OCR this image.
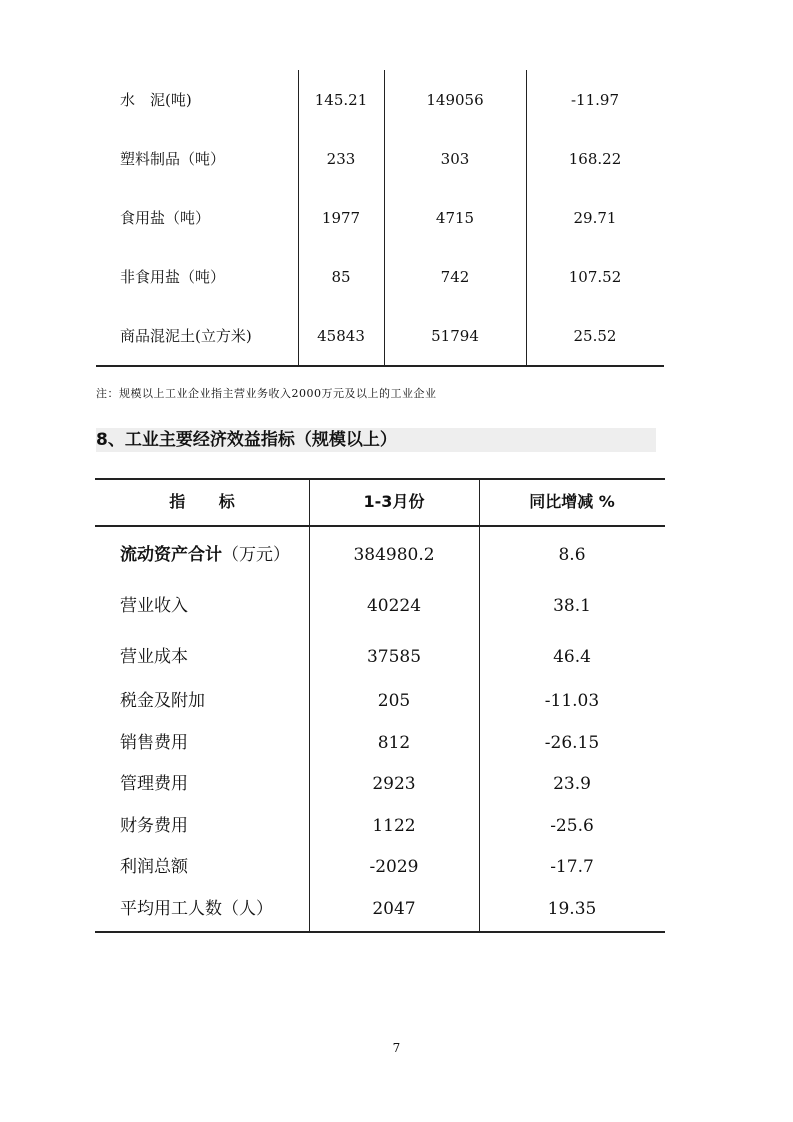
水　泥(吨)	145.21	149056	-11.97
塑料制品（吨）	233	303	168.22
食用盐（吨）	1977	4715	29.71
非食用盐（吨）	85	742	107.52
商品混泥土(立方米)	45843	51794	25.52
注：规模以上工业企业指主营业务收入2000万元及以上的工业企业
8、工业主要经济效益指标（规模以上）
指      标	1-3月份	同比增减 %
流动资产合计（万元）	384980.2	8.6
营业收入	40224	38.1
营业成本	37585	46.4
税金及附加	205	-11.03
销售费用	812	-26.15
管理费用	2923	23.9
财务费用	1122	-25.6
利润总额	-2029	-17.7
平均用工人数（人）	2047	19.35
7
